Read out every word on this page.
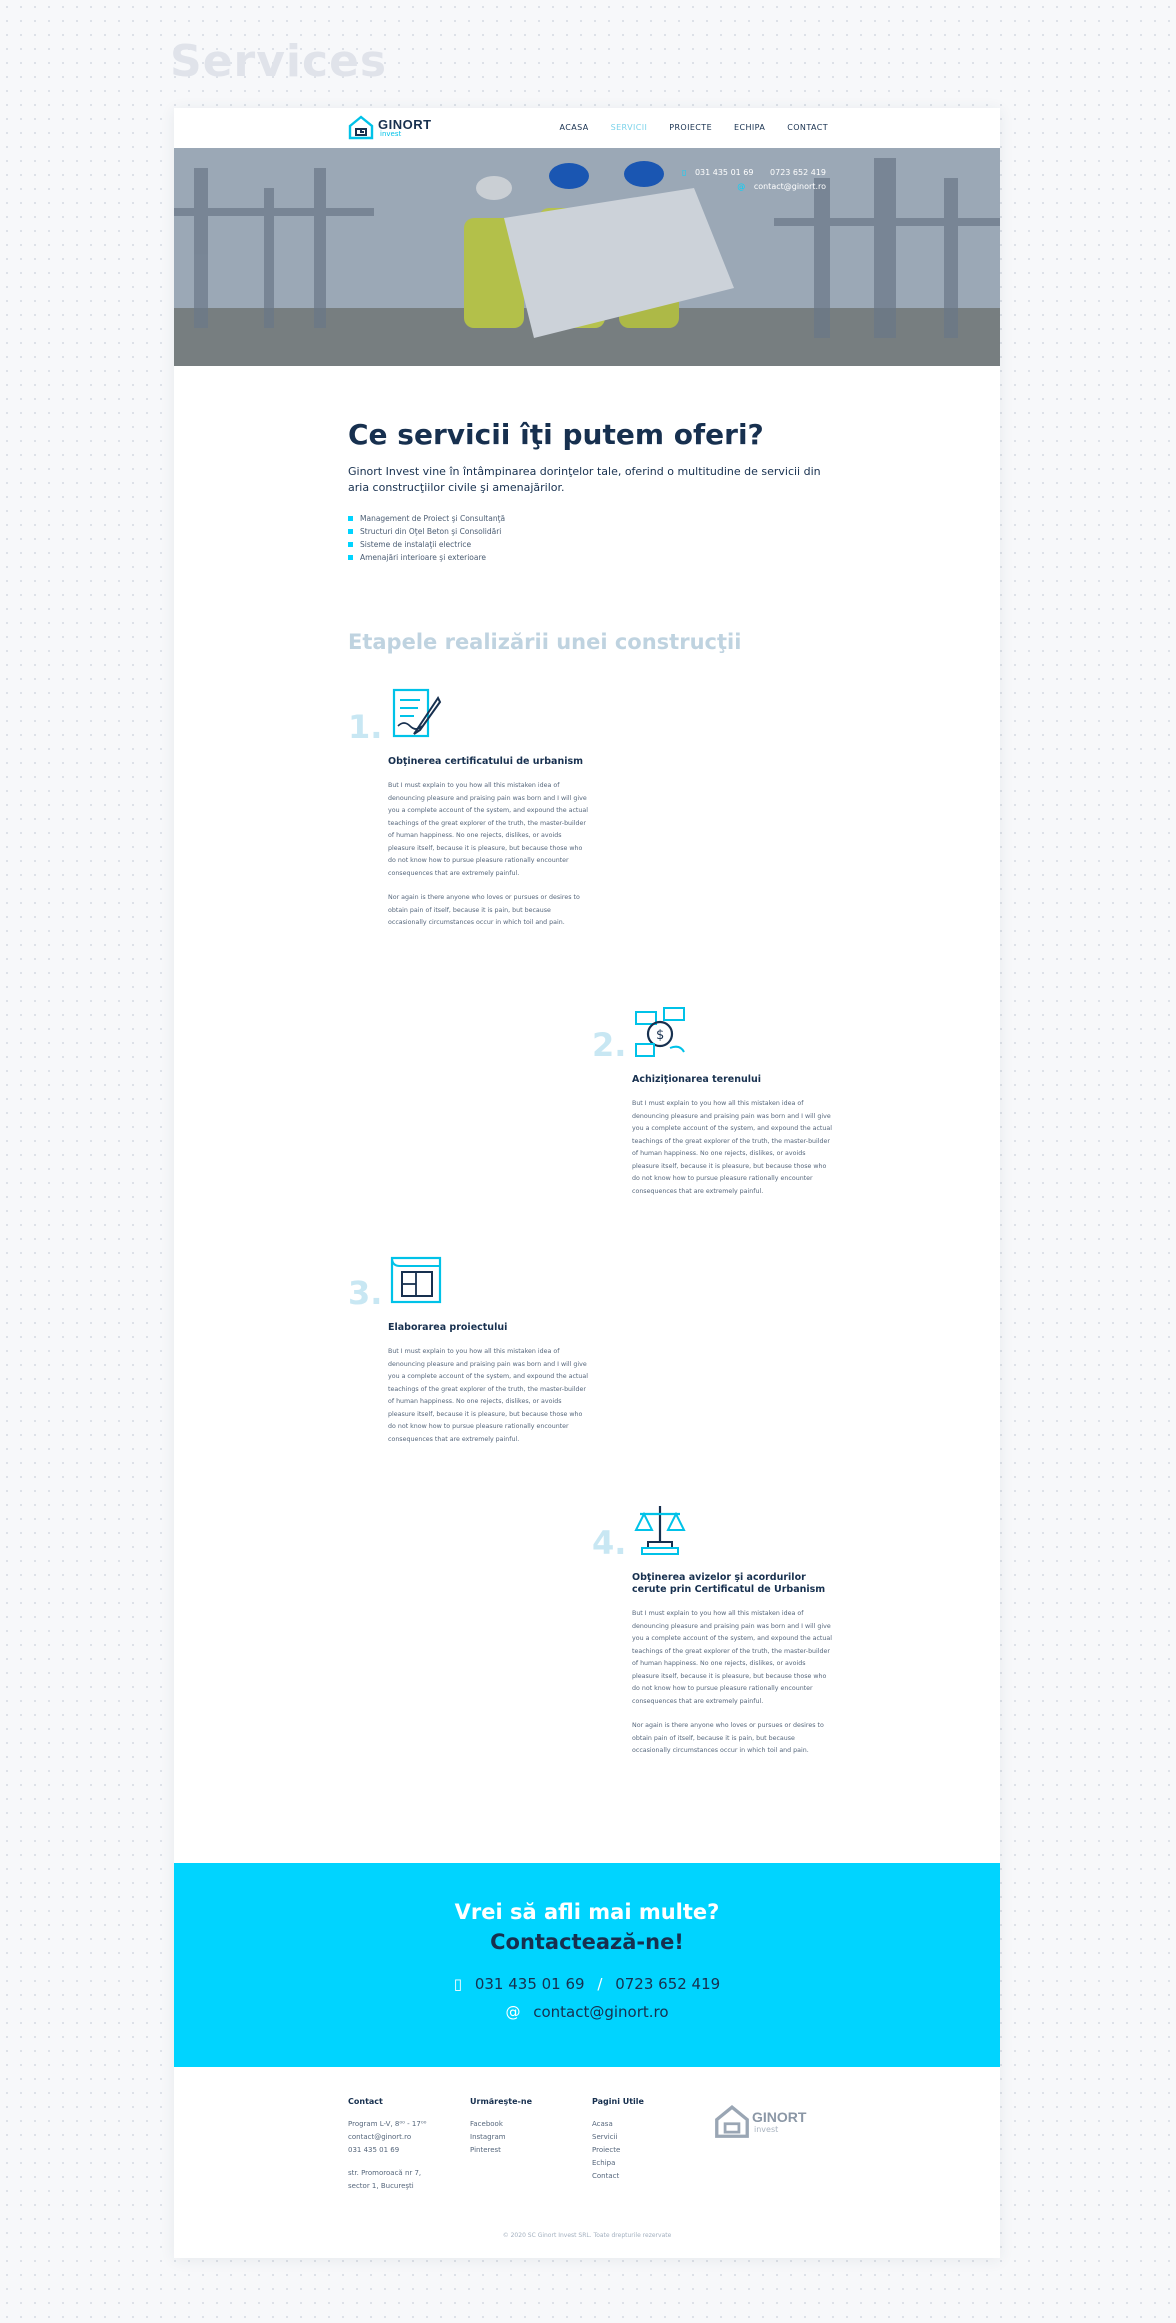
Services
GINORT
invest
ACASA	SERVICII	PROIECTE	ECHIPA	CONTACT
▯ 031 435 01 69 0723 652 419
@ contact@ginort.ro
Ce servicii îţi putem oferi?

Ginort Invest vine în întâmpinarea dorinţelor tale, oferind o multitudine de servicii din aria construcţiilor civile şi amenajărilor.

Management de Proiect şi Consultanţă
Structuri din Oţel Beton şi Consolidări
Sisteme de instalaţii electrice
Amenajări interioare şi exterioare
Etapele realizării unei construcţii
1.
Obţinerea certificatului de urbanism
But I must explain to you how all this mistaken idea of denouncing pleasure and praising pain was born and I will give you a complete account of the system, and expound the actual teachings of the great explorer of the truth, the master-builder of human happiness. No one rejects, dislikes, or avoids pleasure itself, because it is pleasure, but because those who do not know how to pursue pleasure rationally encounter consequences that are extremely painful.
Nor again is there anyone who loves or pursues or desires to obtain pain of itself, because it is pain, but because occasionally circumstances occur in which toil and pain.
2. $
Achiziţionarea terenului
But I must explain to you how all this mistaken idea of denouncing pleasure and praising pain was born and I will give you a complete account of the system, and expound the actual teachings of the great explorer of the truth, the master-builder of human happiness. No one rejects, dislikes, or avoids pleasure itself, because it is pleasure, but because those who do not know how to pursue pleasure rationally encounter consequences that are extremely painful.
3.
Elaborarea proiectului
But I must explain to you how all this mistaken idea of denouncing pleasure and praising pain was born and I will give you a complete account of the system, and expound the actual teachings of the great explorer of the truth, the master-builder of human happiness. No one rejects, dislikes, or avoids pleasure itself, because it is pleasure, but because those who do not know how to pursue pleasure rationally encounter consequences that are extremely painful.
4.
Obţinerea avizelor şi acordurilor cerute prin Certificatul de Urbanism
But I must explain to you how all this mistaken idea of denouncing pleasure and praising pain was born and I will give you a complete account of the system, and expound the actual teachings of the great explorer of the truth, the master-builder of human happiness. No one rejects, dislikes, or avoids pleasure itself, because it is pleasure, but because those who do not know how to pursue pleasure rationally encounter consequences that are extremely painful.
Nor again is there anyone who loves or pursues or desires to obtain pain of itself, because it is pain, but because occasionally circumstances occur in which toil and pain.
Vrei să afli mai multe?
Contactează-ne!
▯ 031 435 01 69 / 0723 652 419
@ contact@ginort.ro
Contact

Program L-V, 8⁰⁰ - 17⁰⁰

contact@ginort.ro
031 435 01 69

str. Promoroacă nr 7,

sector 1, Bucureşti

Urmăreşte-ne
Facebook
Instagram
Pinterest
Pagini Utile
Acasa
Servicii
Proiecte
Echipa
Contact
GINORT
invest
© 2020 SC Ginort Invest SRL. Toate drepturile rezervate
